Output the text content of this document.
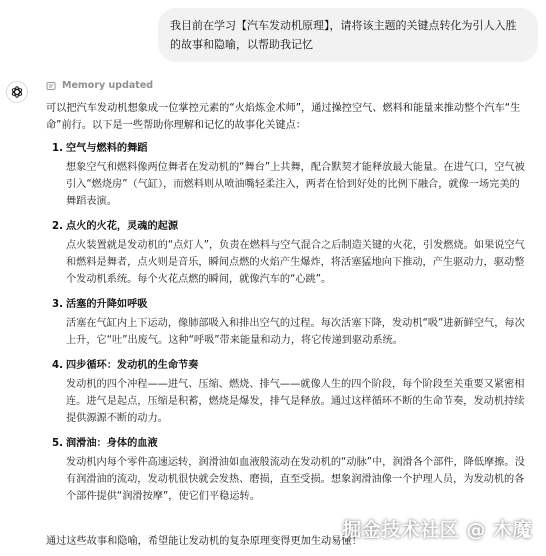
我目前在学习【汽车发动机原理】，请将该主题的关键点转化为引人入胜的故事和隐喻，以帮助我记忆
Memory updated

可以把汽车发动机想象成一位掌控元素的“火焰炼金术师”，通过操控空气、燃料和能量来推动整个汽车“生命”前行。以下是一些帮助你理解和记忆的故事化关键点：

1. 空气与燃料的舞蹈
想象空气和燃料像两位舞者在发动机的“舞台”上共舞，配合默契才能释放最大能量。在进气口，空气被引入“燃烧房”（气缸），而燃料则从喷油嘴轻柔注入，两者在恰到好处的比例下融合，就像一场完美的舞蹈表演。
2. 点火的火花，灵魂的起源
点火装置就是发动机的“点灯人”，负责在燃料与空气混合之后制造关键的火花，引发燃烧。如果说空气和燃料是舞者，点火则是音乐，瞬间点燃的火焰产生爆炸，将活塞猛地向下推动，产生驱动力，驱动整个发动机系统。每个火花点燃的瞬间，就像汽车的“心跳”。
3. 活塞的升降如呼吸
活塞在气缸内上下运动，像肺部吸入和排出空气的过程。每次活塞下降，发动机“吸”进新鲜空气，每次上升，它“吐”出废气。这种“呼吸”带来能量和动力，将它传递到驱动系统。
4. 四步循环：发动机的生命节奏
发动机的四个冲程——进气、压缩、燃烧、排气——就像人生的四个阶段，每个阶段至关重要又紧密相连。进气是起点，压缩是积蓄，燃烧是爆发，排气是释放。通过这样循环不断的生命节奏，发动机持续提供源源不断的动力。
5. 润滑油：身体的血液
发动机内每个零件高速运转，润滑油如血液般流动在发动机的“动脉”中，润滑各个部件，降低摩擦。没有润滑油的流动，发动机很快就会发热、磨损，直至受损。想象润滑油像一个护理人员，为发动机的各个部件提供“润滑按摩”，使它们平稳运转。
通过这些故事和隐喻，希望能让发动机的复杂原理变得更加生动易懂！
掘金技术社区 @ 木魔
